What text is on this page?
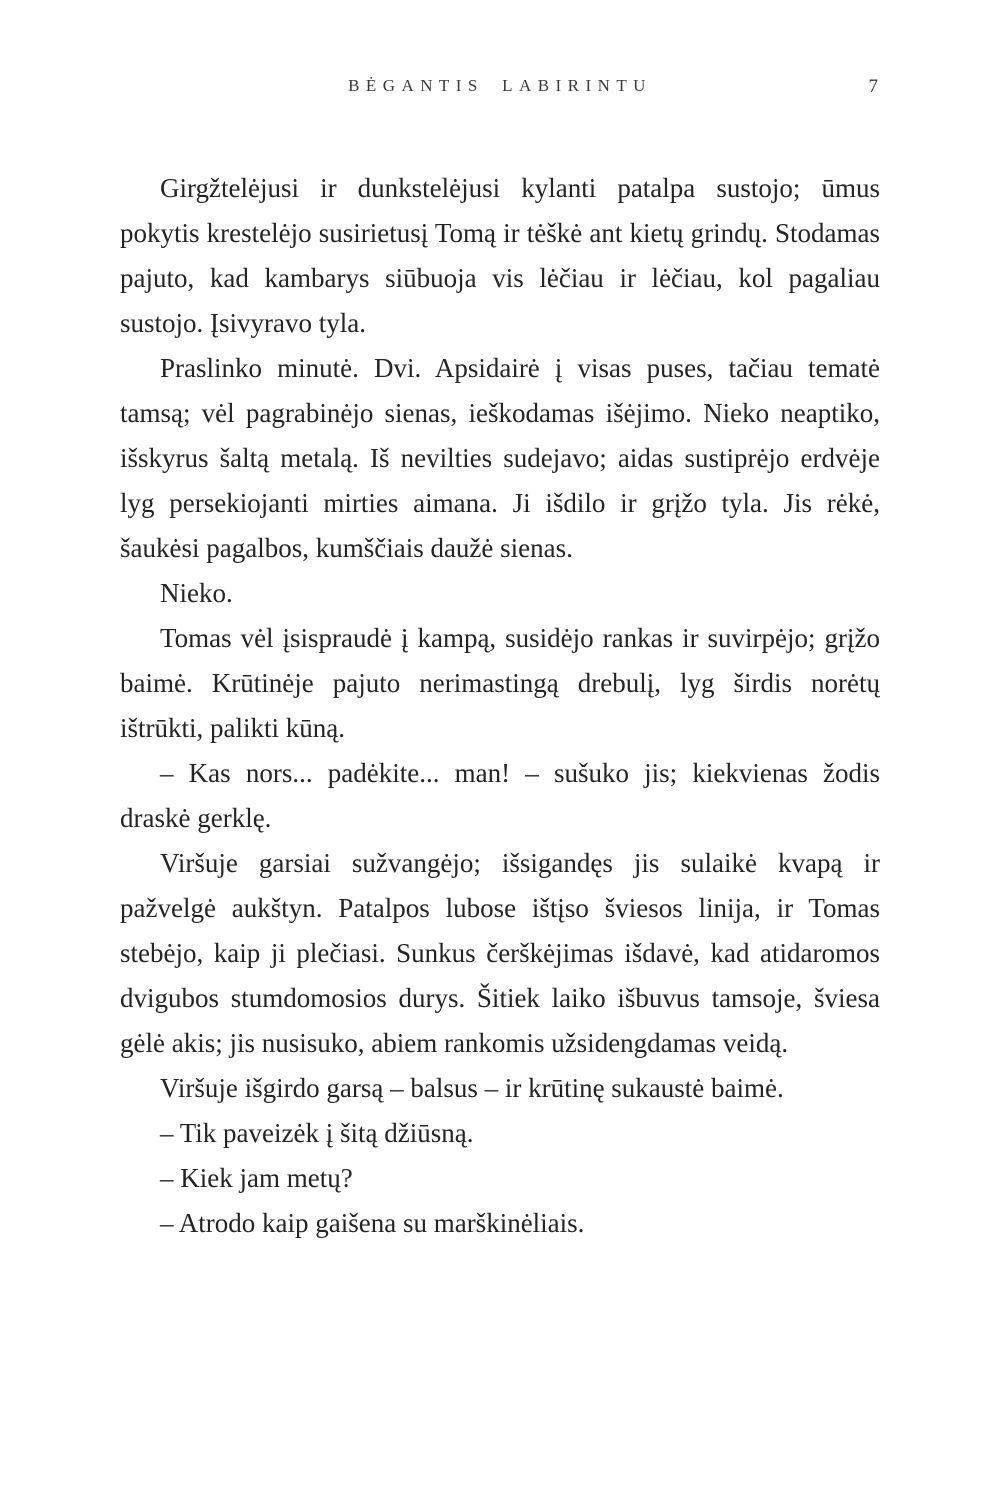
BĖGANTIS LABIRINTU	7

Girgžtelėjusi ir dunkstelėjusi kylanti patalpa sustojo; ūmus pokytis krestelėjo susirietusį Tomą ir tėškė ant kietų grindų. Stodamas pajuto, kad kambarys siūbuoja vis lėčiau ir lėčiau, kol pagaliau sustojo. Įsivyravo tyla.

Praslinko minutė. Dvi. Apsidairė į visas puses, tačiau tematė tamsą; vėl pagrabinėjo sienas, ieškodamas išėjimo. Nieko neaptiko, išskyrus šaltą metalą. Iš nevilties sudejavo; aidas sustiprėjo erdvėje lyg persekiojanti mirties aimana. Ji išdilo ir grįžo tyla. Jis rėkė, šaukėsi pagalbos, kumščiais daužė sienas.

Nieko.

Tomas vėl įsispraudė į kampą, susidėjo rankas ir suvirpėjo; grįžo baimė. Krūtinėje pajuto nerimastingą drebulį, lyg širdis norėtų ištrūkti, palikti kūną.

– Kas nors... padėkite... man! – sušuko jis; kiekvienas žodis draskė gerklę.

Viršuje garsiai sužvangėjo; išsigandęs jis sulaikė kvapą ir pažvelgė aukštyn. Patalpos lubose ištįso šviesos linija, ir Tomas stebėjo, kaip ji plečiasi. Sunkus čerškėjimas išdavė, kad atidaromos dvigubos stumdomosios durys. Šitiek laiko išbuvus tamsoje, šviesa gėlė akis; jis nusisuko, abiem rankomis užsidengdamas veidą.

Viršuje išgirdo garsą – balsus – ir krūtinę sukaustė baimė.

– Tik paveizėk į šitą džiūsną.

– Kiek jam metų?

– Atrodo kaip gaišena su marškinėliais.
